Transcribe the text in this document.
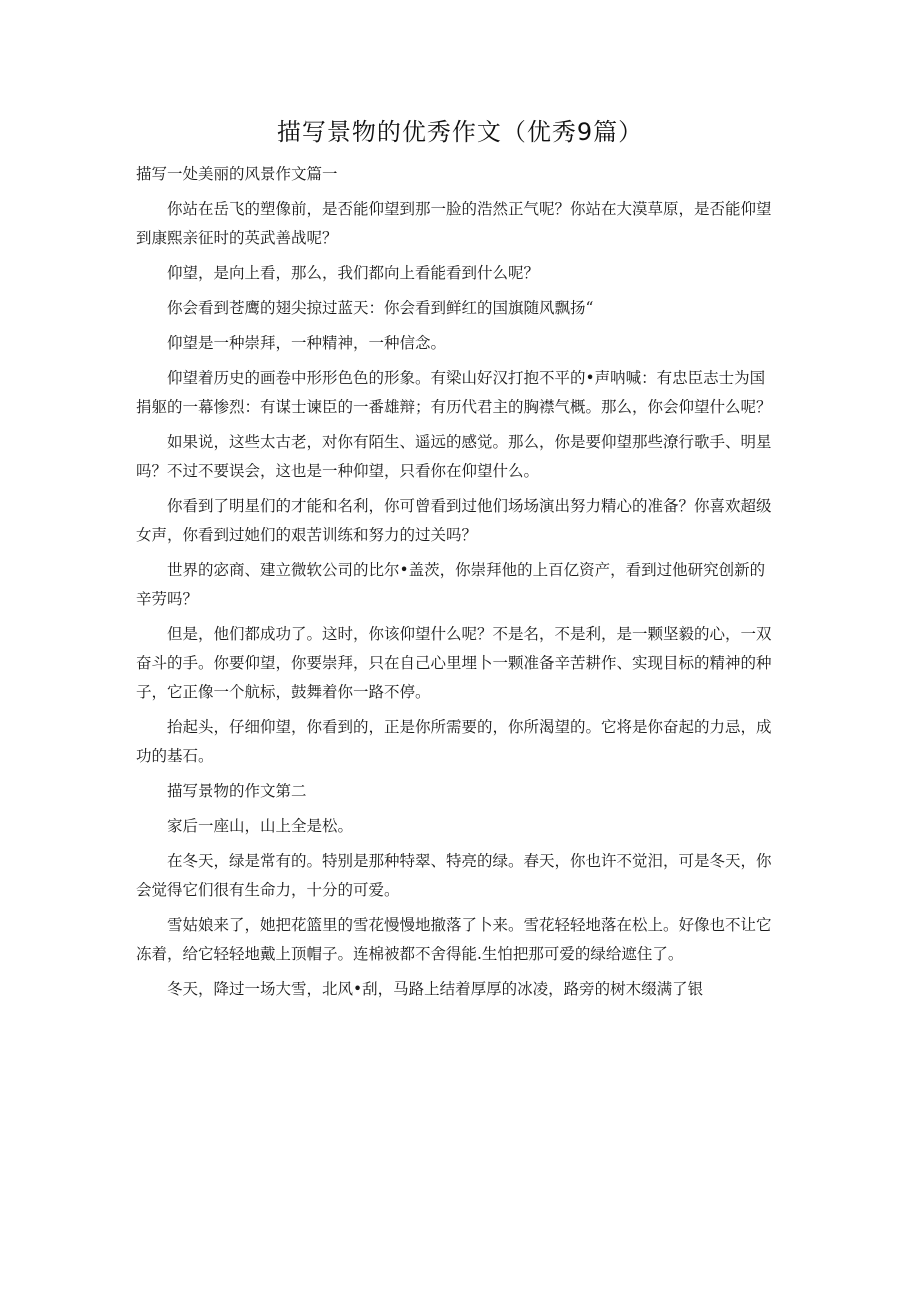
描写景物的优秀作文（优秀9篇）

描写一处美丽的风景作文篇一

你站在岳飞的塑像前，是否能仰望到那一脸的浩然正气呢？你站在大漠草原，是否能仰望到康熙亲征时的英武善战呢？

仰望，是向上看，那么，我们都向上看能看到什么呢？

你会看到苍鹰的翅尖掠过蓝天：你会看到鲜红的国旗随风飘扬“

仰望是一种崇拜，一种精神，一种信念。

仰望着历史的画卷中形形色色的形象。有梁山好汉打抱不平的•声呐喊：有忠臣志士为国捐躯的一幕惨烈：有谋士谏臣的一番雄辩；有历代君主的胸襟气概。那么，你会仰望什么呢？

如果说，这些太古老，对你有陌生、遥远的感觉。那么，你是要仰望那些潦行歌手、明星吗？不过不要误会，这也是一种仰望，只看你在仰望什么。

你看到了明星们的才能和名利，你可曾看到过他们场场演出努力精心的准备？你喜欢超级女声，你看到过她们的艰苦训练和努力的过关吗？

世界的宓商、建立微软公司的比尔•盖茨，你崇拜他的上百亿资产，看到过他研究创新的辛劳吗？

但是，他们都成功了。这时，你该仰望什么呢？不是名，不是利，是一颗坚毅的心，一双奋斗的手。你要仰望，你要崇拜，只在自己心里埋卜一颗准备辛苦耕作、实现目标的精神的种子，它正像一个航标，鼓舞着你一路不停。

抬起头，仔细仰望，你看到的，正是你所需要的，你所渴望的。它将是你奋起的力忌，成功的基石。

描写景物的作文第二

家后一座山，山上全是松。

在冬天，绿是常有的。特别是那种特翠、特亮的绿。春天，你也许不觉汨，可是冬天，你会觉得它们很有生命力，十分的可爱。

雪姑娘来了，她把花篮里的雪花慢慢地撤落了卜来。雪花轻轻地落在松上。好像也不让它冻着，给它轻轻地戴上顶帽子。连棉被都不舍得能.生怕把那可爱的绿给遮住了。

冬天，降过一场大雪，北风•刮，马路上结着厚厚的冰凌，路旁的树木缀满了银
